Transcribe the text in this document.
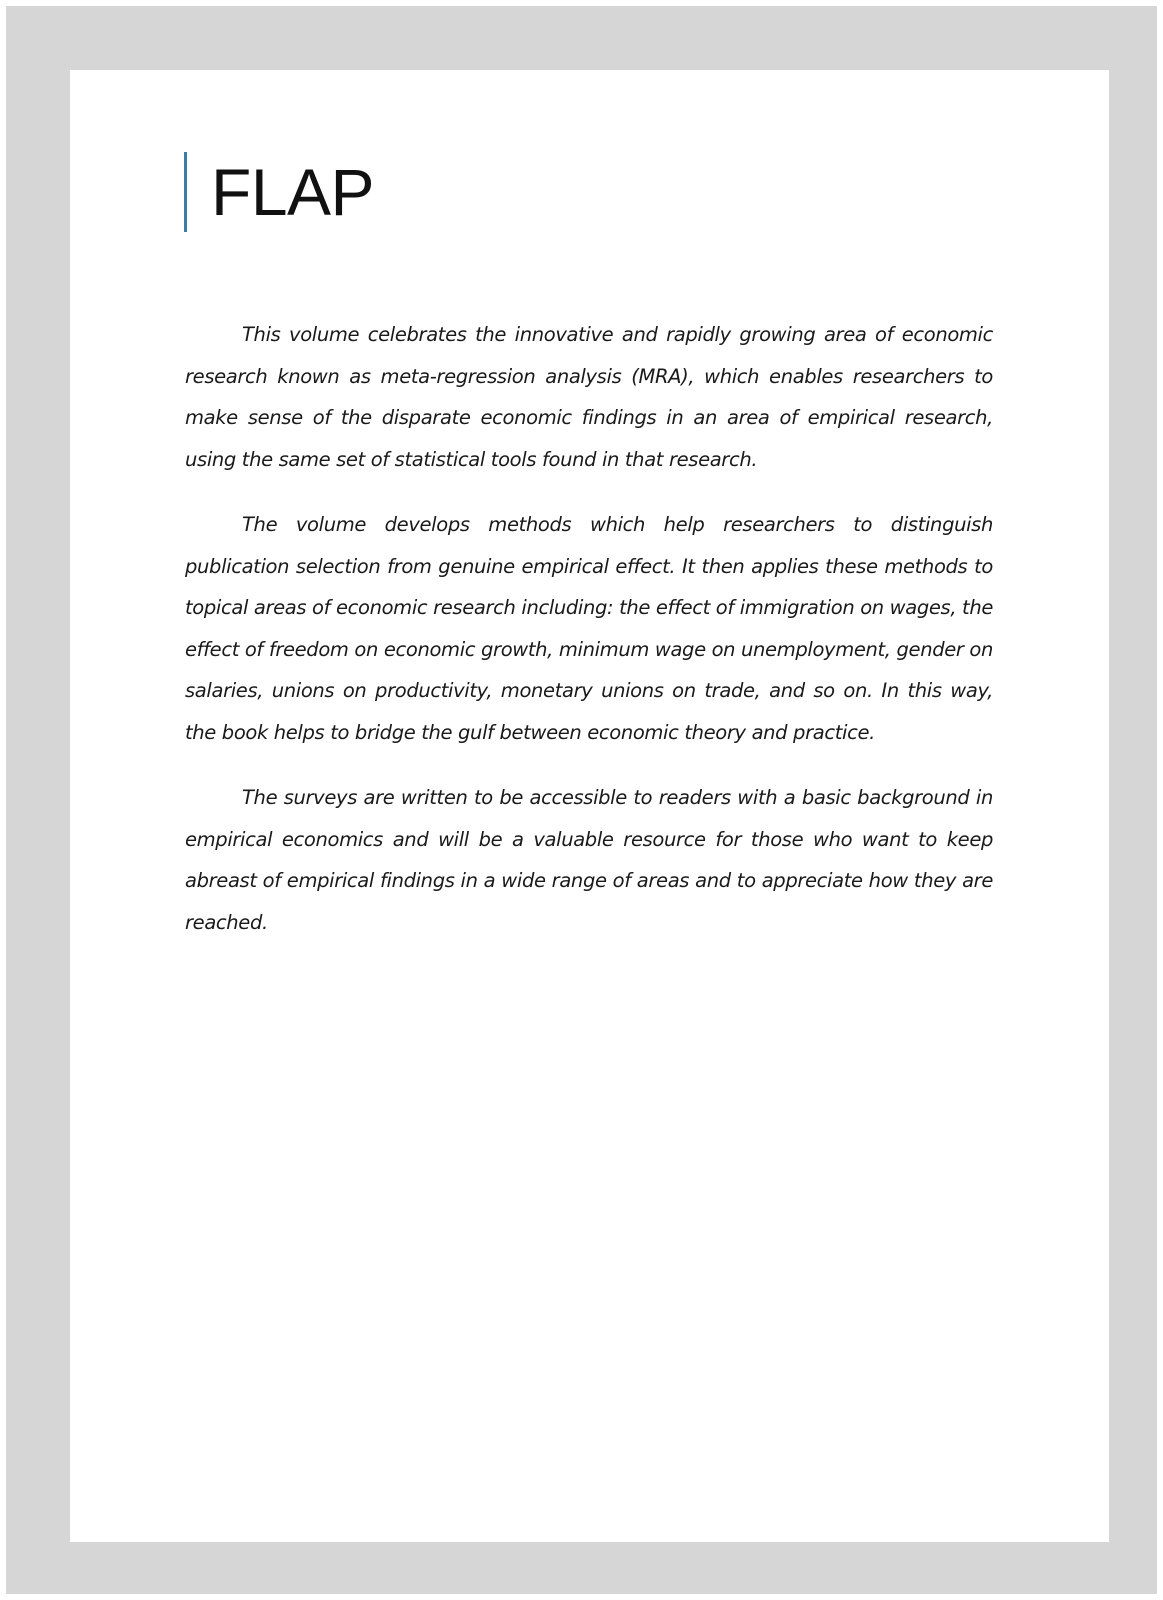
FLAP

This volume celebrates the innovative and rapidly growing area of economic research known as meta-regression analysis (MRA), which enables researchers to make sense of the disparate economic findings in an area of empirical research, using the same set of statistical tools found in that research.

The volume develops methods which help researchers to distinguish publication selection from genuine empirical effect. It then applies these methods to topical areas of economic research including: the effect of immigration on wages, the effect of freedom on economic growth, minimum wage on unemployment, gender on salaries, unions on productivity, monetary unions on trade, and so on. In this way, the book helps to bridge the gulf between economic theory and practice.

The surveys are written to be accessible to readers with a basic background in empirical economics and will be a valuable resource for those who want to keep abreast of empirical findings in a wide range of areas and to appreciate how they are reached.
